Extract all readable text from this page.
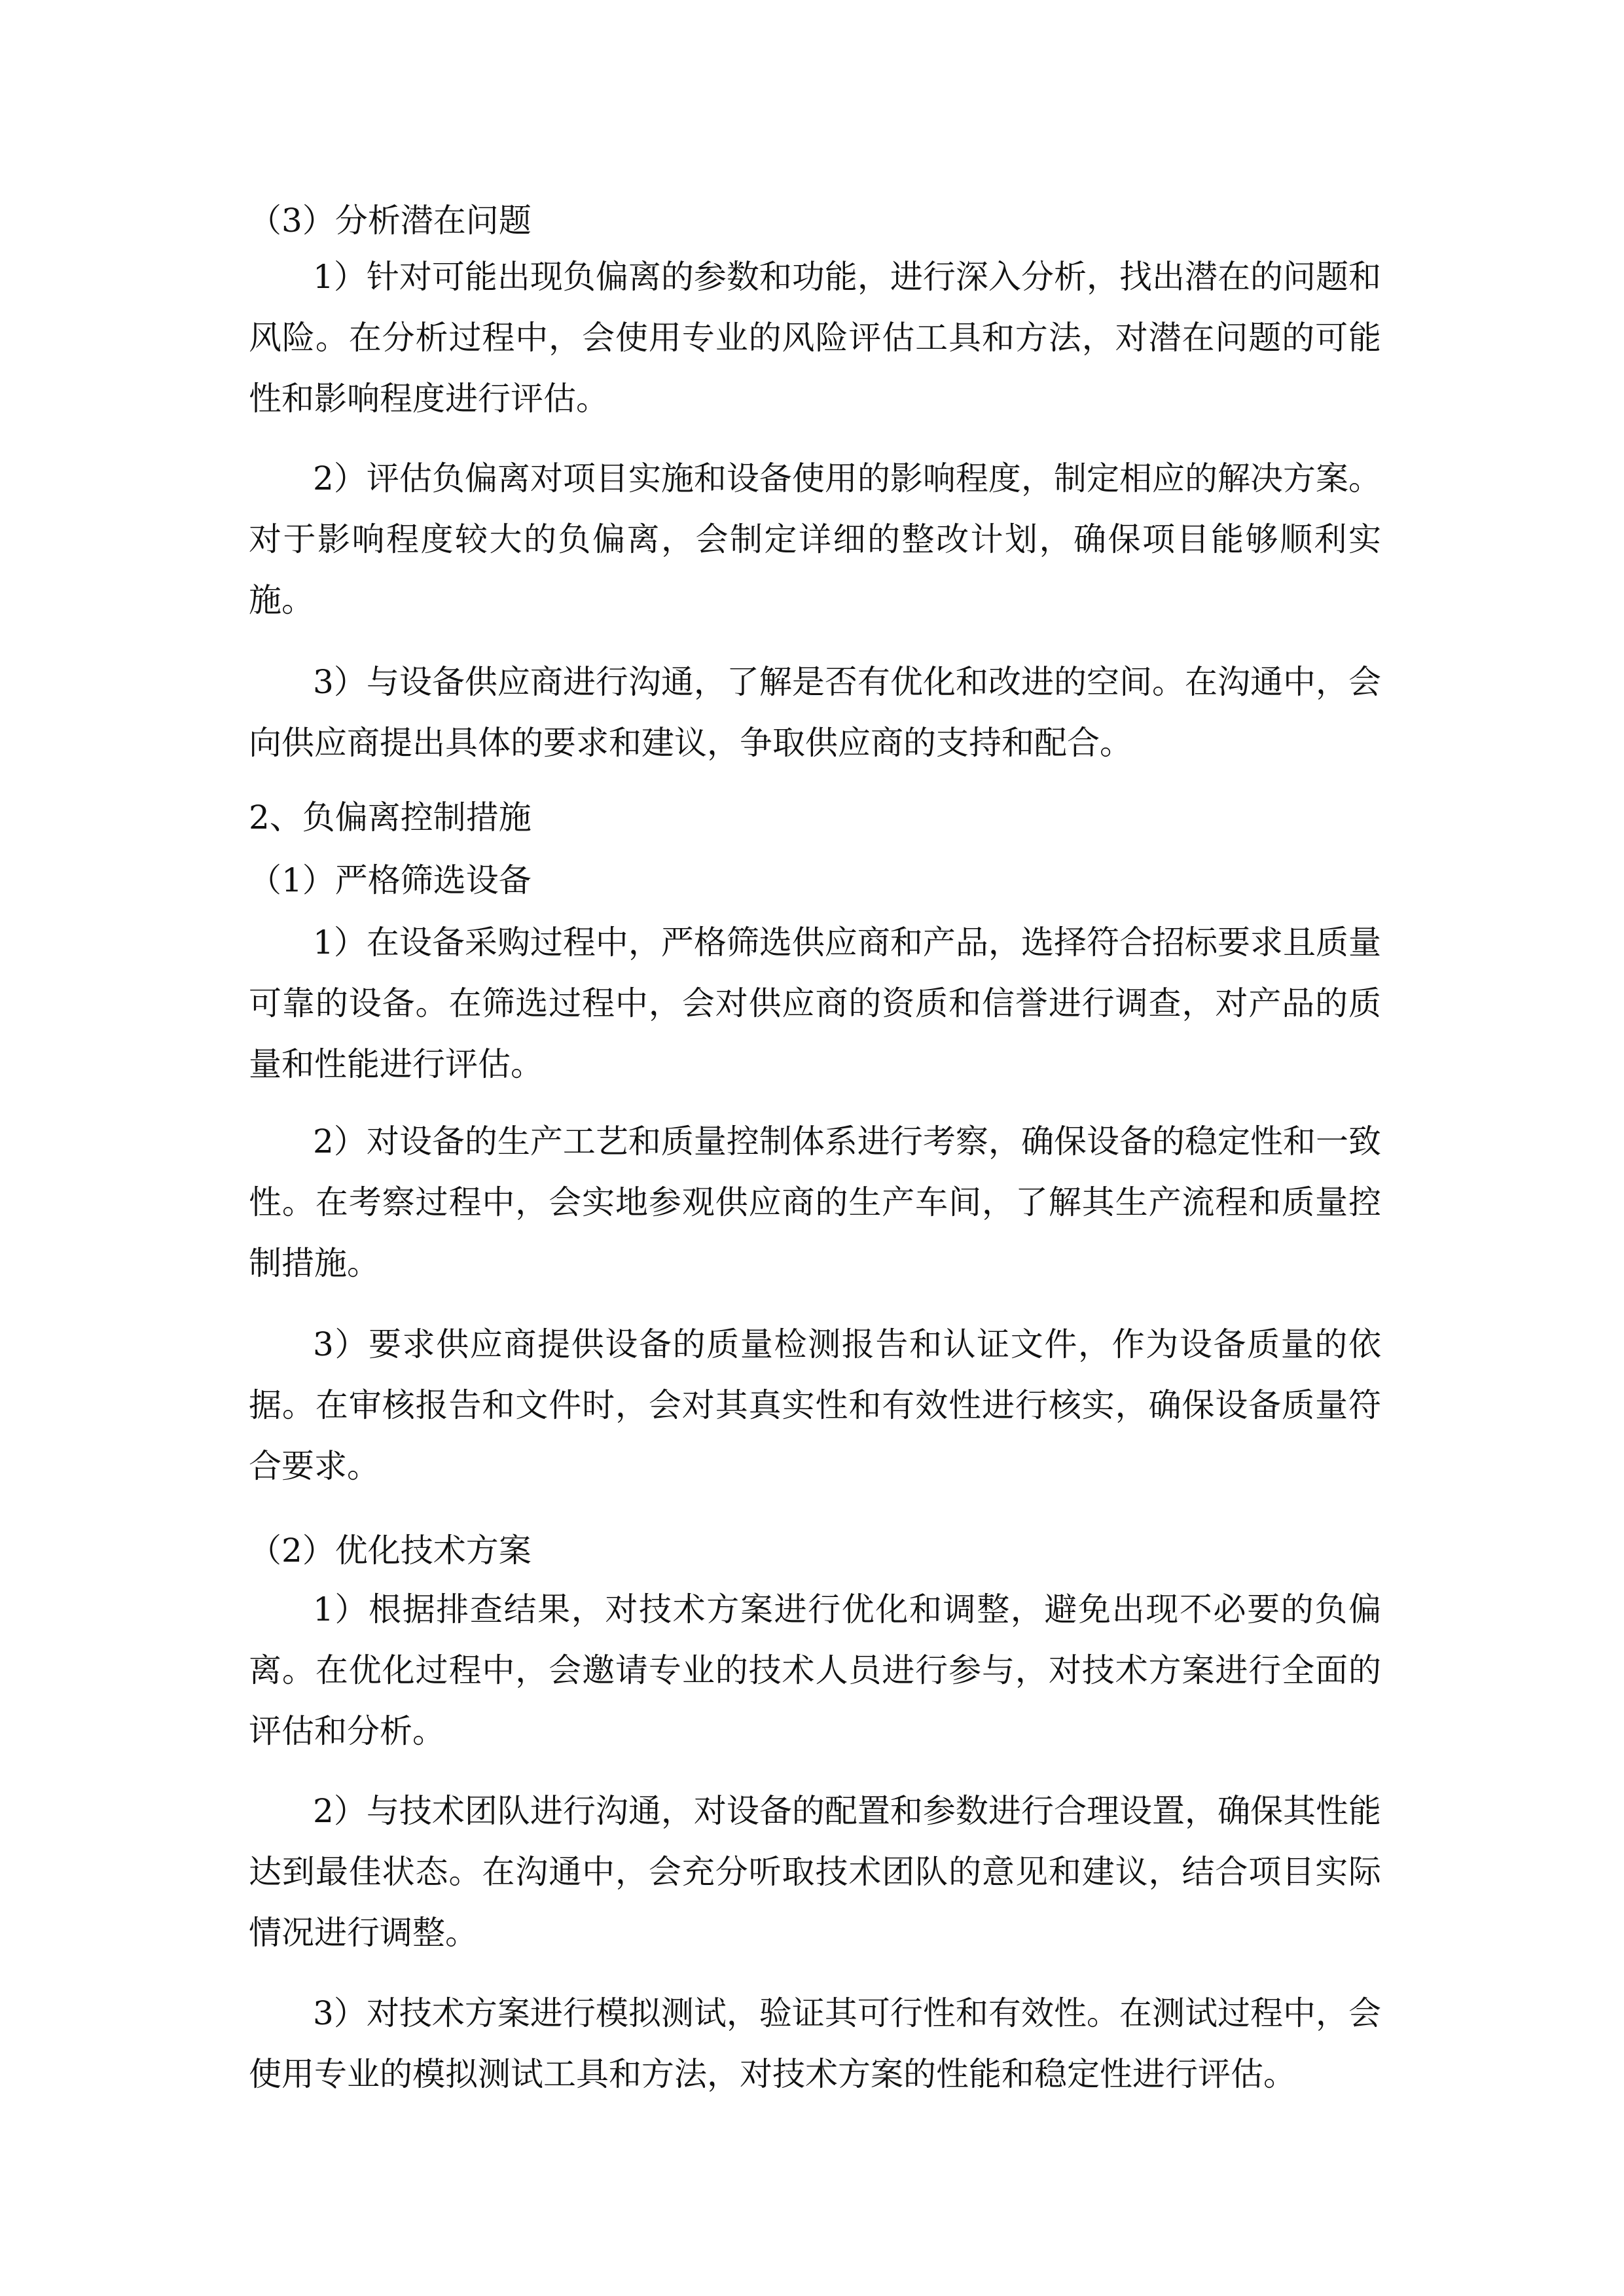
（3）分析潜在问题
1）针对可能出现负偏离的参数和功能，进行深入分析，找出潜在的问题和
风险。在分析过程中，会使用专业的风险评估工具和方法，对潜在问题的可能
性和影响程度进行评估。
2）评估负偏离对项目实施和设备使用的影响程度，制定相应的解决方案。
对于影响程度较大的负偏离，会制定详细的整改计划，确保项目能够顺利实
施。
3）与设备供应商进行沟通，了解是否有优化和改进的空间。在沟通中，会
向供应商提出具体的要求和建议，争取供应商的支持和配合。
2、负偏离控制措施
（1）严格筛选设备
1）在设备采购过程中，严格筛选供应商和产品，选择符合招标要求且质量
可靠的设备。在筛选过程中，会对供应商的资质和信誉进行调查，对产品的质
量和性能进行评估。
2）对设备的生产工艺和质量控制体系进行考察，确保设备的稳定性和一致
性。在考察过程中，会实地参观供应商的生产车间，了解其生产流程和质量控
制措施。
3）要求供应商提供设备的质量检测报告和认证文件，作为设备质量的依
据。在审核报告和文件时，会对其真实性和有效性进行核实，确保设备质量符
合要求。
（2）优化技术方案
1）根据排查结果，对技术方案进行优化和调整，避免出现不必要的负偏
离。在优化过程中，会邀请专业的技术人员进行参与，对技术方案进行全面的
评估和分析。
2）与技术团队进行沟通，对设备的配置和参数进行合理设置，确保其性能
达到最佳状态。在沟通中，会充分听取技术团队的意见和建议，结合项目实际
情况进行调整。
3）对技术方案进行模拟测试，验证其可行性和有效性。在测试过程中，会
使用专业的模拟测试工具和方法，对技术方案的性能和稳定性进行评估。
